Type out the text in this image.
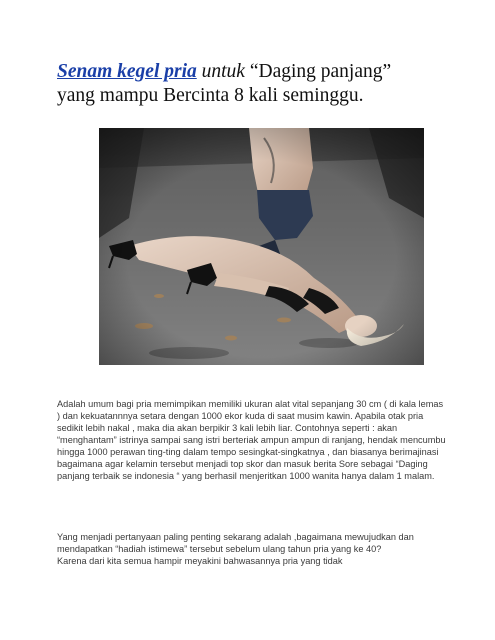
Senam kegel pria untuk “Daging panjang”
yang mampu Bercinta 8 kali seminggu.

Adalah umum bagi pria memimpikan memiliki ukuran alat vital sepanjang 30 cm ( di kala lemas ) dan kekuatannnya setara dengan 1000 ekor kuda di saat musim kawin. Apabila otak pria sedikit lebih nakal , maka dia akan berpikir 3 kali lebih liar. Contohnya seperti : akan “menghantam” istrinya sampai sang istri berteriak ampun ampun di ranjang, hendak mencumbu hingga 1000 perawan ting-ting dalam tempo sesingkat-singkatnya , dan biasanya berimajinasi bagaimana agar kelamin tersebut menjadi top skor dan masuk berita Sore sebagai “Daging panjang terbaik se indonesia “ yang berhasil menjeritkan 1000 wanita hanya dalam 1 malam.

Yang menjadi pertanyaan paling penting sekarang adalah ,bagaimana mewujudkan dan mendapatkan “hadiah istimewa” tersebut sebelum ulang tahun pria yang ke 40?
Karena dari kita semua hampir meyakini bahwasannya pria yang tidak
